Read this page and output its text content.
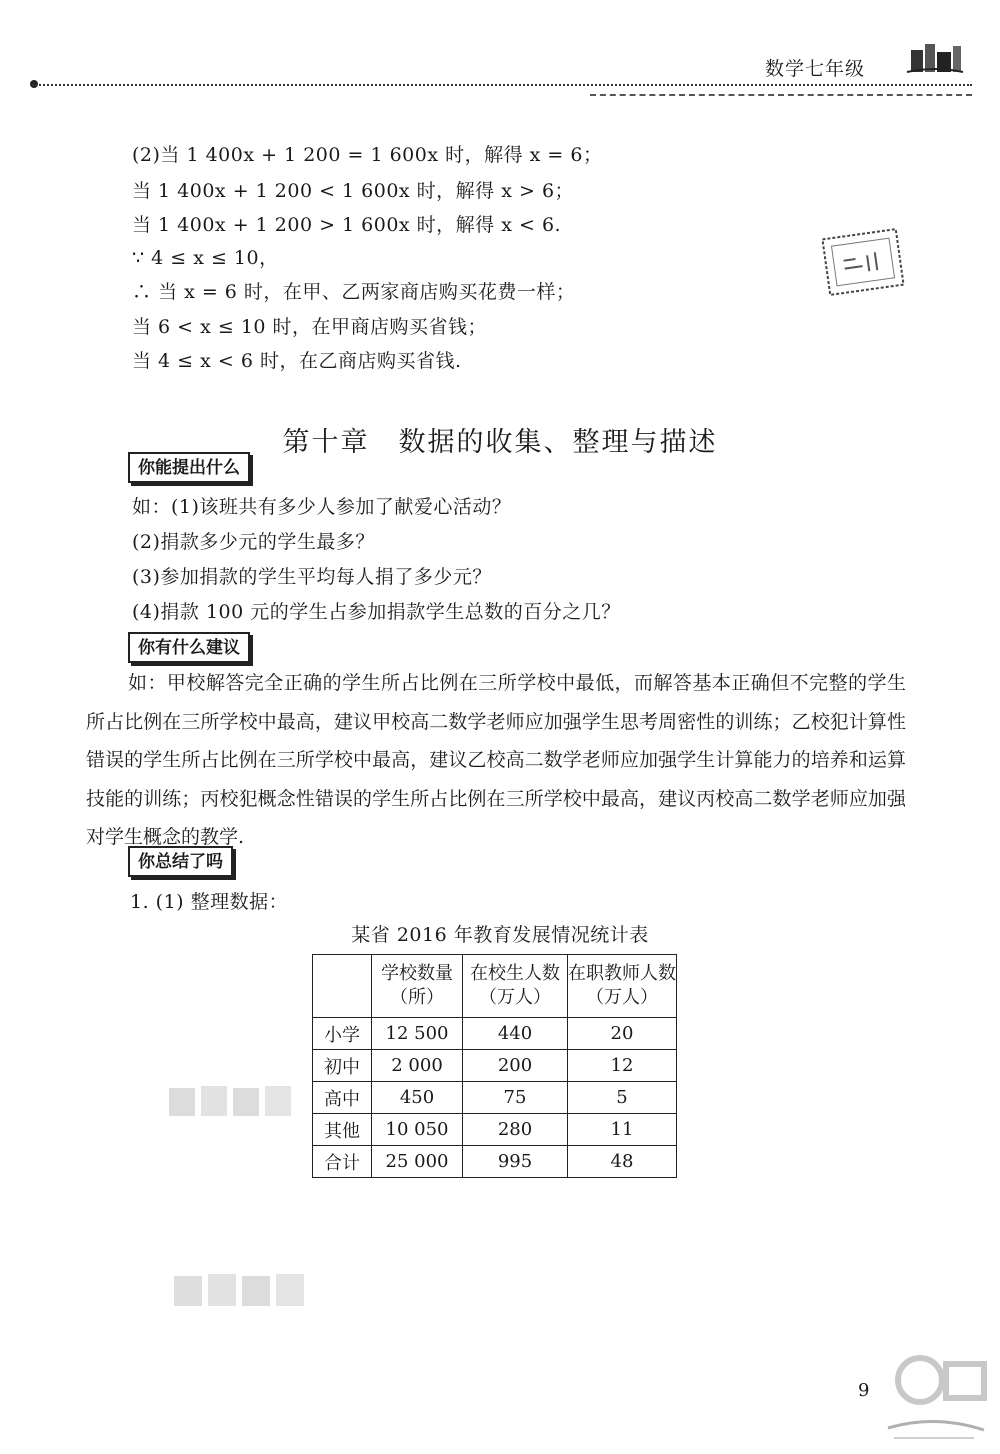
数学七年级
(2)当 1 400x + 1 200 = 1 600x 时，解得 x = 6；
当 1 400x + 1 200 < 1 600x 时，解得 x > 6；
当 1 400x + 1 200 > 1 600x 时，解得 x < 6.
∵ 4 ≤ x ≤ 10，
∴ 当 x = 6 时，在甲、乙两家商店购买花费一样；
当 6 < x ≤ 10 时，在甲商店购买省钱；
当 4 ≤ x < 6 时，在乙商店购买省钱.
第十章　数据的收集、整理与描述
你能提出什么
如：(1)该班共有多少人参加了献爱心活动？
(2)捐款多少元的学生最多？
(3)参加捐款的学生平均每人捐了多少元？
(4)捐款 100 元的学生占参加捐款学生总数的百分之几？
你有什么建议
如：甲校解答完全正确的学生所占比例在三所学校中最低，而解答基本正确但不完整的学生所占比例在三所学校中最高，建议甲校高二数学老师应加强学生思考周密性的训练；乙校犯计算性错误的学生所占比例在三所学校中最高，建议乙校高二数学老师应加强学生计算能力的培养和运算技能的训练；丙校犯概念性错误的学生所占比例在三所学校中最高，建议丙校高二数学老师应加强对学生概念的教学.
你总结了吗
1. (1) 整理数据：
某省 2016 年教育发展情况统计表
	学校数量（所）	在校生人数（万人）	在职教师人数（万人）
小学	12 500	440	20
初中	2 000	200	12
高中	450	75	5
其他	10 050	280	11
合计	25 000	995	48
9
